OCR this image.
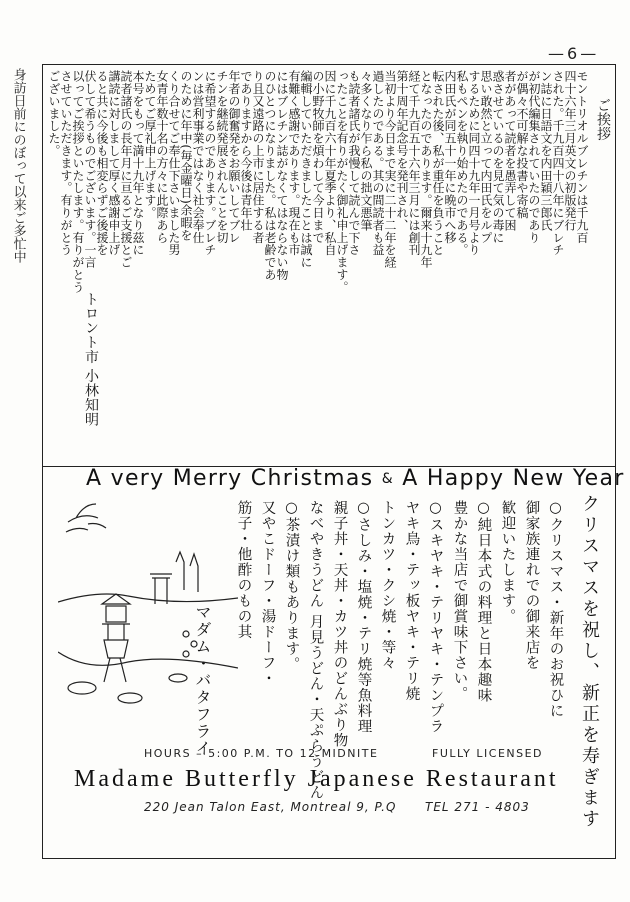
— 6 —
身訪日前にのぼって以来ご多忙中	ご挨拶
モントリオルブレチンは千九百
四十六年三月英文の初版発行
された。千九百四十八年にブレチ
ン誌に日語文を内田穎三郎氏
が初代編集されていたのであり
が偶々不可解な投書や寄稿
者があって読者を愚弄して困
惑させているのを見て気の毒に
思い敢然と立って内田氏をルプ
するために同四十九年一月号より
私もペンを執り始めたのである。
内田氏が同五十一年に晩市へ移
転された後、私が重任を負うこと
となったのであります。爾来十九年
経て千九百五十六年三月には創刊
第十周年記念号を発刊され、
当初より今日まで実に二十二年を経
過したのである。其の間読者も益
々多くなり乍ら私の拙文悪筆
も読者諸氏が我慢して読んで下さ
ったことを有りがたく御礼申上げます。
因に千九百六十年夏季より、私自
の小野牧師を煩わして今日まで
編輯していただきましたことは誠に
有難く感謝であります。現在も市
にはブレチン誌がなくてはならない物
のひとつになりました。私は老齢であ
り且又遠路の上市に居住する者
でありますから今後は青年壮
年者の御奮発をお願いしてブレ
チンを継続発展されんことを切
に希望するのであります。ブレチ
ンは営利事業ではなく社会奉仕
のために年中(毎金曜日)余暇を
くり合せてご奉仕下さいました男
女青年数十名の方々に此際あら
ためてご厚礼申上げます。
本号をもって満十九年となり茲に
読者諸氏の長年月に亘るご支援とご
講読に対しまして厚く感謝申上げ
ると共に今後も相変らずご後援を
伏して希うものでございます。一言
以ってご挨拶といたします。有りがとう
させていただきます。有りがとう
ございました。
トロント市 小林知明
A very Merry Christmas & A Happy New Year
クリスマスを祝し、新正を寿ぎます
○クリスマス・新年のお祝ひに
御家族連れでの御来店を
歓迎いたします。
○純日本式の料理と日本趣味
豊かな当店で御賞味下さい。
○スキヤキ・テリヤキ・テンプラ
ヤキ鳥・テッ板ヤキ・テリ焼
トンカツ・クシ焼・等々
○さしみ・塩焼・テリ焼等魚料理
親子丼・天丼・カツ丼のどんぶり物
なべやきうどん 月見うどん・天ぷらうどん
○茶漬け類もあります。
又やこドーフ・湯ドーフ・
筋子・他酢のもの其
マダム・バタフライ
HOURS – 5:00 P.M. TO 12 MIDNITE	FULLY LICENSED
Madame Butterfly Japanese Restaurant
220 Jean Talon East, Montreal 9, P.Q TEL 271 - 4803
